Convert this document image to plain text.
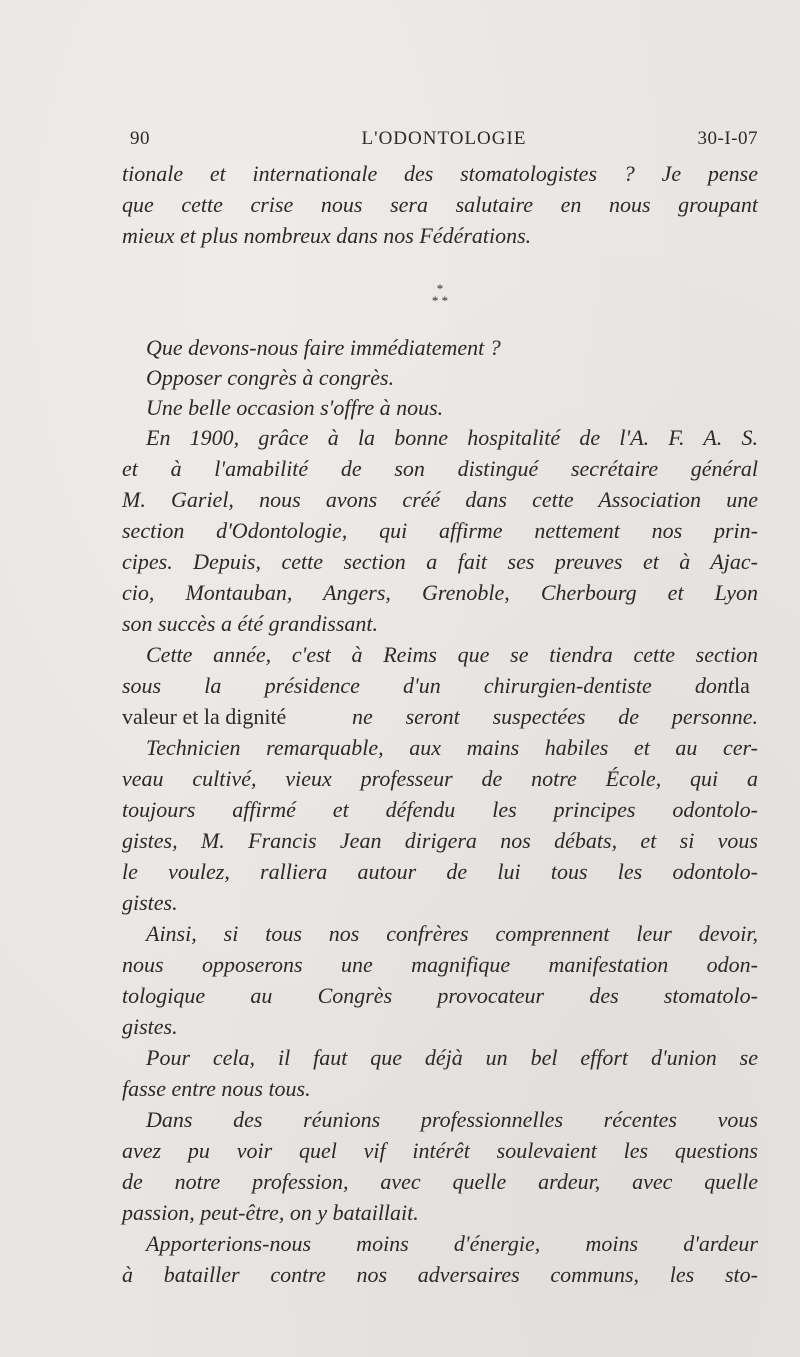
90	L'ODONTOLOGIE	30-I-07
tionale et internationale des stomatologistes ? Je pense
que cette crise nous sera salutaire en nous groupant
mieux et plus nombreux dans nos Fédérations.
*
* *
Que devons-nous faire immédiatement ?
Opposer congrès à congrès.
Une belle occasion s'offre à nous.
En 1900, grâce à la bonne hospitalité de l'A. F. A. S.
et à l'amabilité de son distingué secrétaire général
M. Gariel, nous avons créé dans cette Association une
section d'Odontologie, qui affirme nettement nos prin-
cipes. Depuis, cette section a fait ses preuves et à Ajac-
cio, Montauban, Angers, Grenoble, Cherbourg et Lyon
son succès a été grandissant.
Cette année, c'est à Reims que se tiendra cette section
sous la présidence d'un chirurgien-dentiste dont la
valeur et la dignité	ne seront suspectées de personne.
Technicien remarquable, aux mains habiles et au cer-
veau cultivé, vieux professeur de notre École, qui a
toujours affirmé et défendu les principes odontolo-
gistes, M. Francis Jean dirigera nos débats, et si vous
le voulez, ralliera autour de lui tous les odontolo-
gistes.
Ainsi, si tous nos confrères comprennent leur devoir,
nous opposerons une magnifique manifestation odon-
tologique au Congrès provocateur des stomatolo-
gistes.
Pour cela, il faut que déjà un bel effort d'union se
fasse entre nous tous.
Dans des réunions professionnelles récentes vous
avez pu voir quel vif intérêt soulevaient les questions
de notre profession, avec quelle ardeur, avec quelle
passion, peut-être, on y bataillait.
Apporterions-nous moins d'énergie, moins d'ardeur
à batailler contre nos adversaires communs, les sto-
